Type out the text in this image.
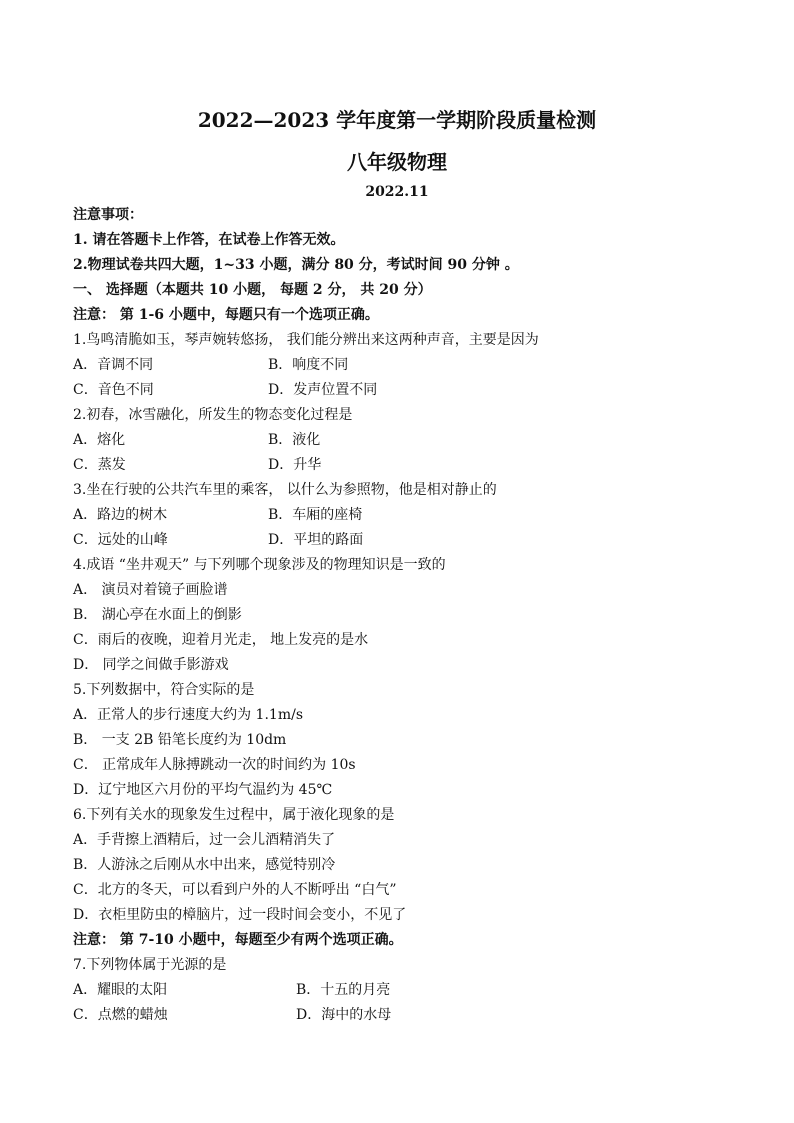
2022—2023 学年度第一学期阶段质量检测
八年级物理
2022.11
注意事项：
1. 请在答题卡上作答，在试卷上作答无效。
2.物理试卷共四大题，1~33 小题，满分 80 分，考试时间 90 分钟 。
一、 选择题（本题共 10 小题， 每题 2 分， 共 20 分）
注意： 第 1-6 小题中，每题只有一个选项正确。
1.鸟鸣清脆如玉，琴声婉转悠扬， 我们能分辨出来这两种声音，主要是因为
A．音调不同	B．响度不同
C．音色不同	D．发声位置不同
2.初春，冰雪融化，所发生的物态变化过程是
A．熔化	B．液化
C．蒸发	D．升华
3.坐在行驶的公共汽车里的乘客， 以什么为参照物，他是相对静止的
A．路边的树木	B．车厢的座椅
C．远处的山峰	D．平坦的路面
4.成语 “坐井观天” 与下列哪个现象涉及的物理知识是一致的
A． 演员对着镜子画脸谱
B． 湖心亭在水面上的倒影
C．雨后的夜晚，迎着月光走， 地上发亮的是水
D． 同学之间做手影游戏
5.下列数据中，符合实际的是
A．正常人的步行速度大约为 1.1m/s
B． 一支 2B 铅笔长度约为 10dm
C． 正常成年人脉搏跳动一次的时间约为 10s
D．辽宁地区六月份的平均气温约为 45℃
6.下列有关水的现象发生过程中，属于液化现象的是
A．手背擦上酒精后，过一会儿酒精消失了
B．人游泳之后刚从水中出来，感觉特别冷
C．北方的冬天，可以看到户外的人不断呼出 “白气”
D．衣柜里防虫的樟脑片，过一段时间会变小，不见了
注意： 第 7-10 小题中，每题至少有两个选项正确。
7.下列物体属于光源的是
A．耀眼的太阳	B．十五的月亮
C．点燃的蜡烛	D．海中的水母
